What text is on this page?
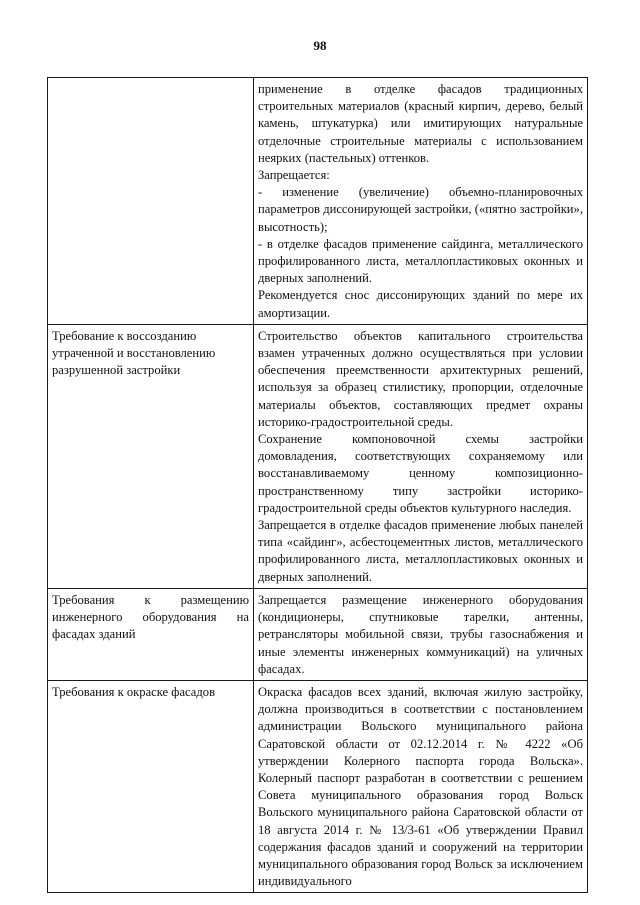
98

	применение в отделке фасадов традиционных строительных материалов (красный кирпич, дерево, белый камень, штукатурка) или имитирующих натуральные отделочные строительные материалы с использованием неярких (пастельных) оттенков.

Запрещается:

- изменение (увеличение) объемно-планировочных параметров диссонирующей застройки, («пятно застройки», высотность);

- в отделке фасадов применение сайдинга, металлического профилированного листа, металлопластиковых оконных и дверных заполнений.

Рекомендуется снос диссонирующих зданий по мере их амортизации.

Требование к воссозданию утраченной и восстановлению разрушенной застройки	Строительство объектов капитального строительства взамен утраченных должно осуществляться при условии обеспечения преемственности архитектурных решений, используя за образец стилистику, пропорции, отделочные материалы объектов, составляющих предмет охраны историко-градостроительной среды.

Сохранение компоновочной схемы застройки домовладения, соответствующих сохраняемому или восстанавливаемому ценному композиционно-пространственному типу застройки историко-градостроительной среды объектов культурного наследия.

Запрещается в отделке фасадов применение любых панелей типа «сайдинг», асбестоцементных листов, металлического профилированного листа, металлопластиковых оконных и дверных заполнений.

Требования к размещению инженерного оборудования на фасадах зданий	Запрещается размещение инженерного оборудования (кондиционеры, спутниковые тарелки, антенны, ретрансляторы мобильной связи, трубы газоснабжения и иные элементы инженерных коммуникаций) на уличных фасадах.

Требования к окраске фасадов	Окраска фасадов всех зданий, включая жилую застройку, должна производиться в соответствии с постановлением администрации Вольского муниципального района Саратовской области от 02.12.2014 г. № 4222 «Об утверждении Колерного паспорта города Вольска». Колерный паспорт разработан в соответствии с решением Совета муниципального образования город Вольск Вольского муниципального района Саратовской области от 18 августа 2014 г. № 13/3-61 «Об утверждении Правил содержания фасадов зданий и сооружений на территории муниципального образования город Вольск за исключением индивидуального
